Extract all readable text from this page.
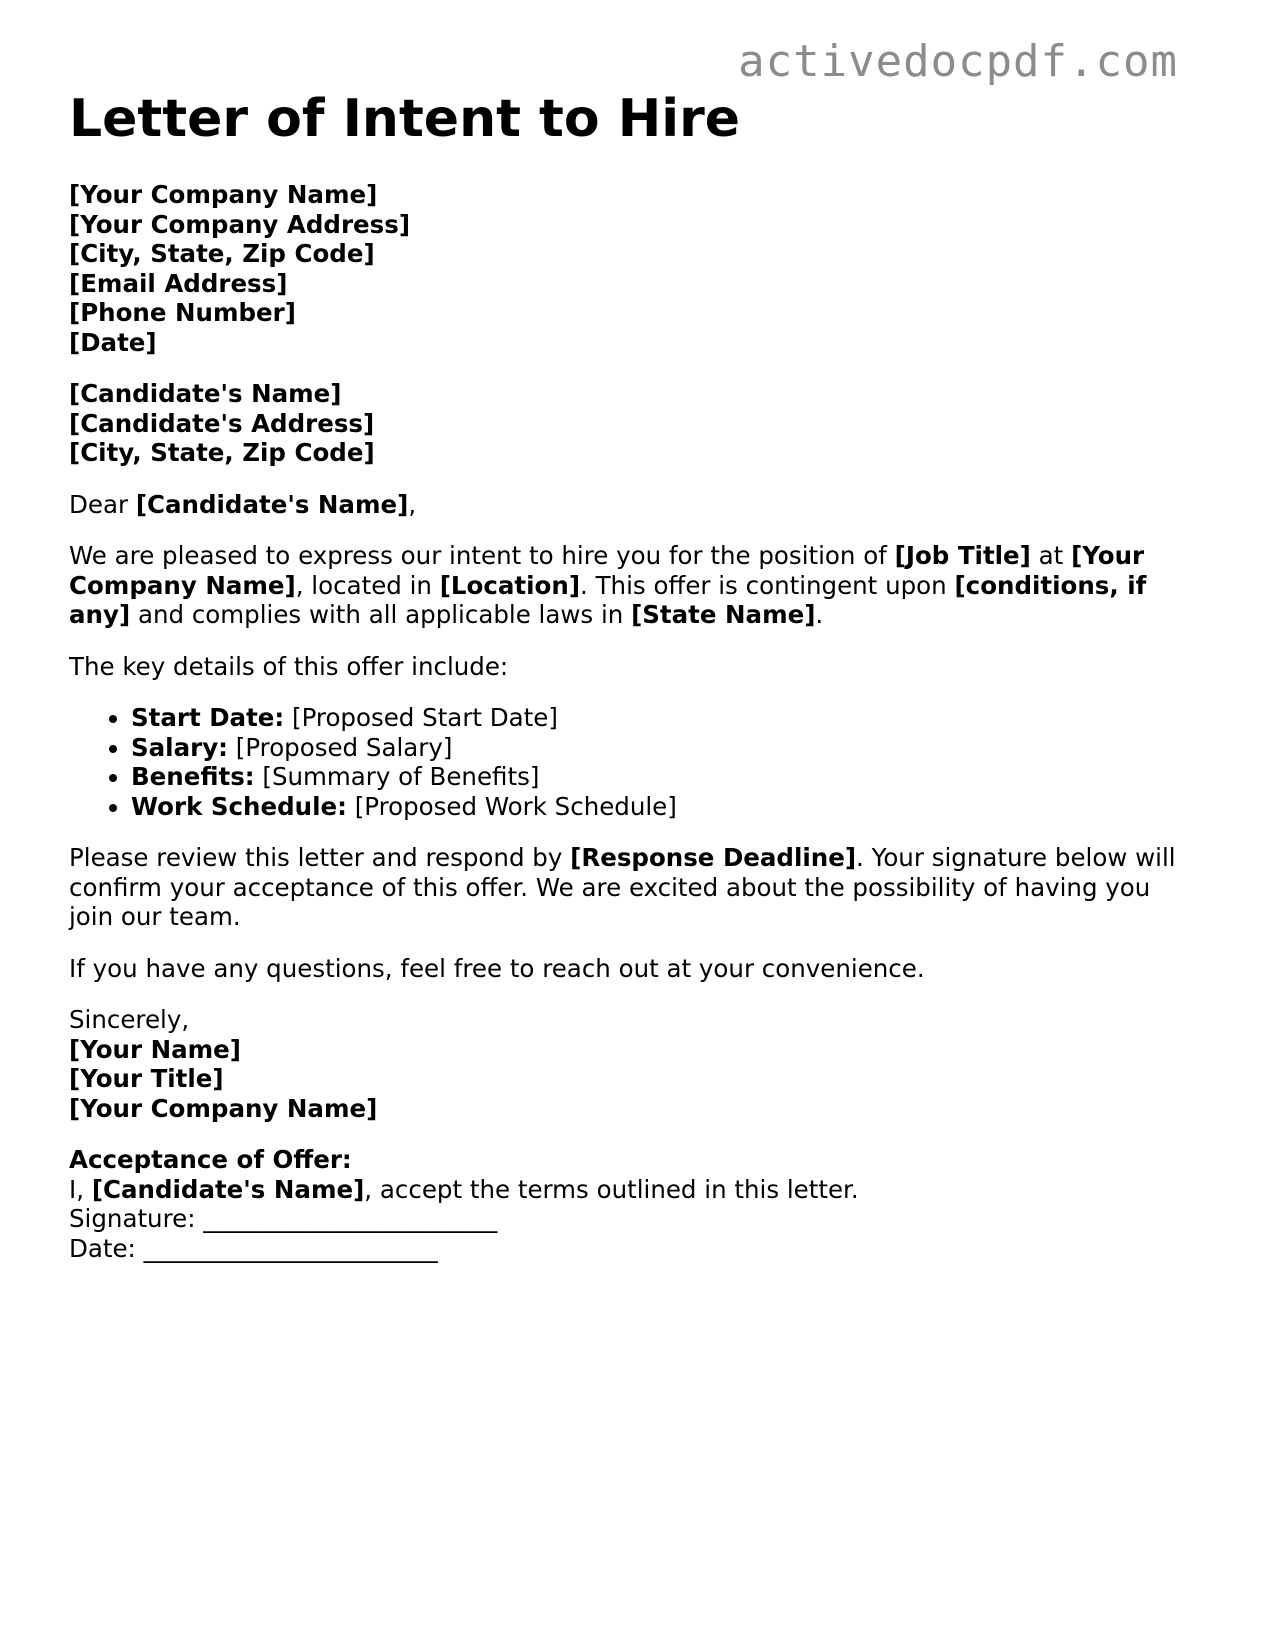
activedocpdf.com
Letter of Intent to Hire
[Your Company Name]
[Your Company Address]
[City, State, Zip Code]
[Email Address]
[Phone Number]
[Date]
[Candidate's Name]
[Candidate's Address]
[City, State, Zip Code]

Dear [Candidate's Name],

We are pleased to express our intent to hire you for the position of [Job Title] at [Your Company Name], located in [Location]. This offer is contingent upon [conditions, if any] and complies with all applicable laws in [State Name].

The key details of this offer include:

• Start Date: [Proposed Start Date]
• Salary: [Proposed Salary]
• Benefits: [Summary of Benefits]
• Work Schedule: [Proposed Work Schedule]

Please review this letter and respond by [Response Deadline]. Your signature below will confirm your acceptance of this offer. We are excited about the possibility of having you join our team.

If you have any questions, feel free to reach out at your convenience.

Sincerely,
[Your Name]
[Your Title]
[Your Company Name]
Acceptance of Offer:
I, [Candidate's Name], accept the terms outlined in this letter.
Signature: ________________________
Date: ________________________
